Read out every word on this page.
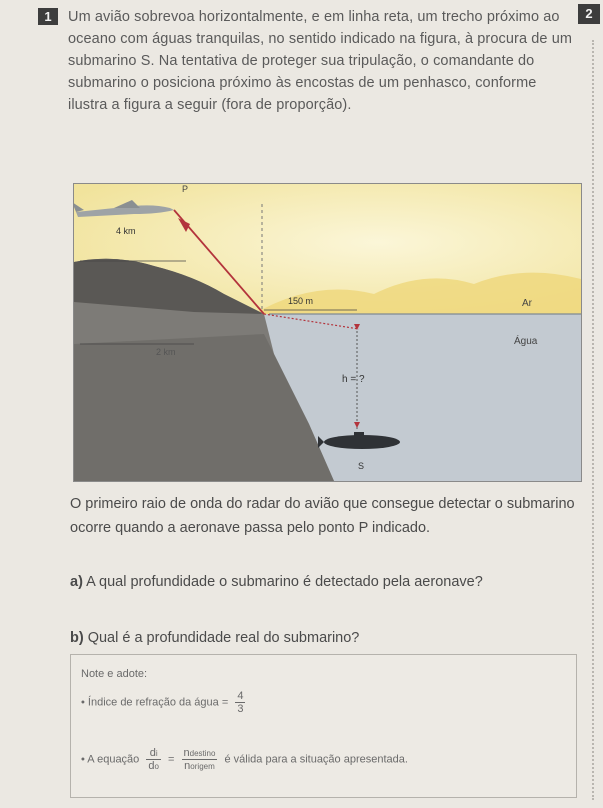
1	2
Um avião sobrevoa horizontalmente, e em linha reta, um trecho próximo ao oceano com águas tranquilas, no sentido indicado na figura, à procura de um submarino S. Na tentativa de proteger sua tripulação, o comandante do submarino o posiciona próximo às encostas de um penhasco, conforme ilustra a figura a seguir (fora de proporção).
P
4 km
150 m	Ar
Água
2 km
h = ?
S
O primeiro raio de onda do radar do avião que consegue detectar o submarino ocorre quando a aeronave passa pelo ponto P indicado.
a) A qual profundidade o submarino é detectado pela aeronave?
b) Qual é a profundidade real do submarino?
Note e adote:
• Índice de refração da água = $\frac{4}{3}$
• A equação $\frac{di}{do} = \frac{\text{ndestino}}{\text{norigem}}$ é válida para a situação apresentada.
